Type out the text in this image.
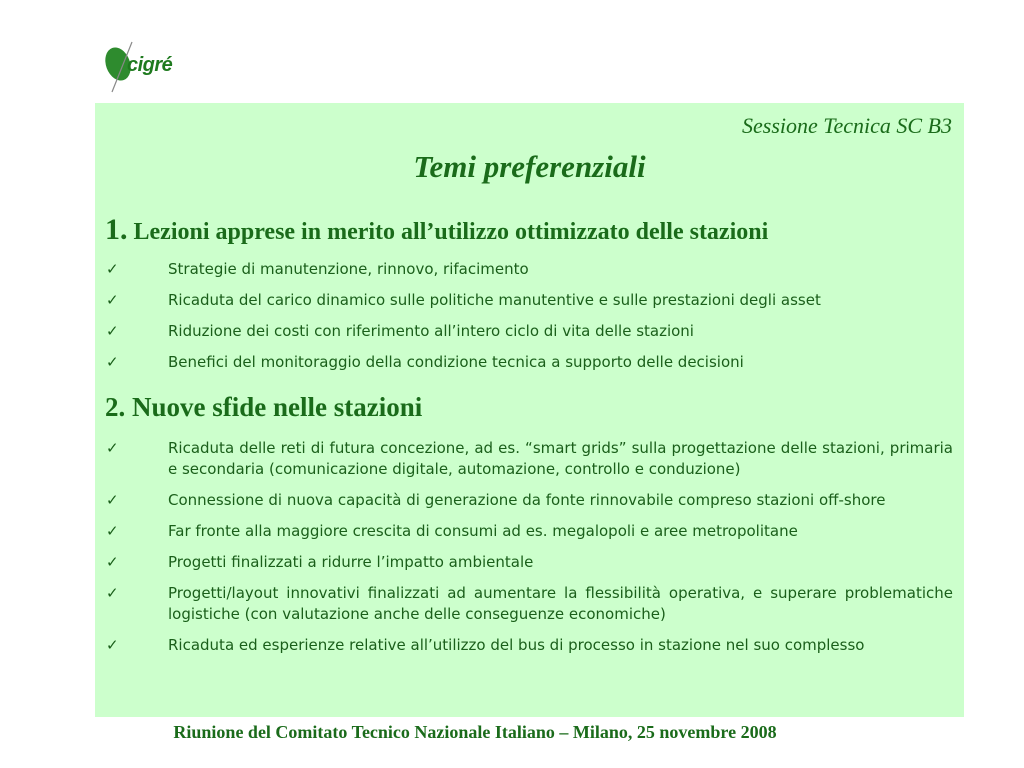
cigré
Sessione Tecnica SC B3
Temi preferenziali
1. Lezioni apprese in merito all’utilizzo ottimizzato delle stazioni
✓	Strategie di manutenzione, rinnovo, rifacimento
✓	Ricaduta del carico dinamico sulle politiche manutentive e sulle prestazioni degli asset
✓	Riduzione dei costi con riferimento all’intero ciclo di vita delle stazioni
✓	Benefici del monitoraggio della condizione tecnica a supporto delle decisioni
2. Nuove sfide nelle stazioni
✓	Ricaduta delle reti di futura concezione, ad es. “smart grids” sulla progettazione delle stazioni, primaria e secondaria (comunicazione digitale, automazione, controllo e conduzione)
✓	Connessione di nuova capacità di generazione da fonte rinnovabile compreso stazioni off-shore
✓	Far fronte alla maggiore crescita di consumi ad es. megalopoli e aree metropolitane
✓	Progetti finalizzati a ridurre l’impatto ambientale
✓	Progetti/layout innovativi finalizzati ad aumentare la flessibilità operativa, e superare problematiche logistiche (con valutazione anche delle conseguenze economiche)
✓	Ricaduta ed esperienze relative all’utilizzo del bus di processo in stazione nel suo complesso
Riunione del Comitato Tecnico Nazionale Italiano – Milano, 25 novembre 2008
